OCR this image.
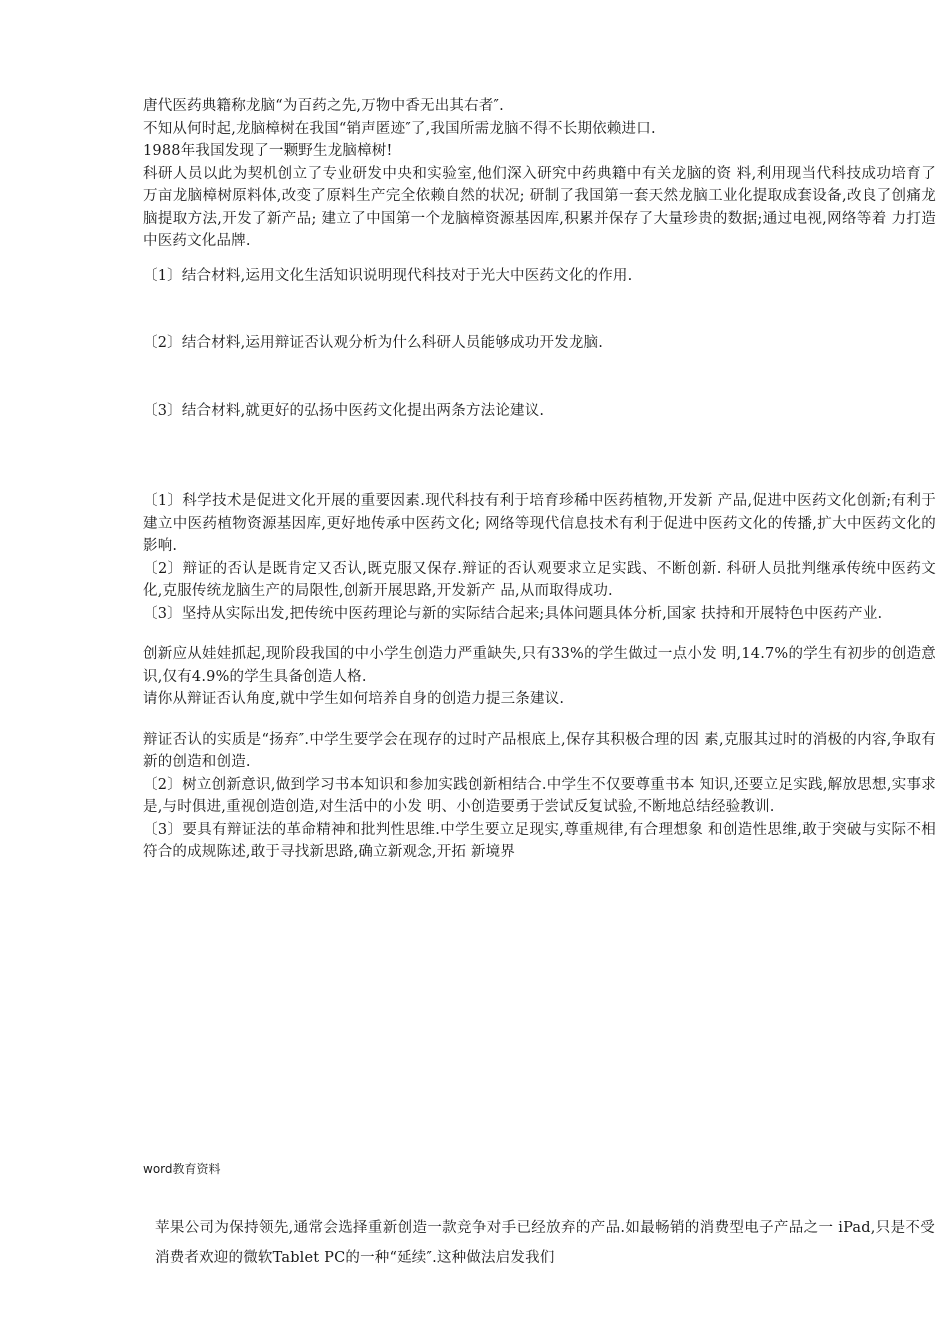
唐代医药典籍称龙脑“为百药之先,万物中香无出其右者″.

不知从何时起,龙脑樟树在我国“销声匿迹″了,我国所需龙脑不得不长期依赖进口.

1988年我国发现了一颗野生龙脑樟树!

科研人员以此为契机创立了专业研发中央和实验室,他们深入研究中药典籍中有关龙脑的资 料,利用现当代科技成功培育了万亩龙脑樟树原料体,改变了原料生产完全依赖自然的状况; 研制了我国第一套天然龙脑工业化提取成套设备,改良了创痛龙脑提取方法,开发了新产品; 建立了中国第一个龙脑樟资源基因库,积累并保存了大量珍贵的数据;通过电视,网络等着 力打造中医药文化品牌.

〔1〕结合材料,运用文化生活知识说明现代科技对于光大中医药文化的作用.

〔2〕结合材料,运用辩证否认观分析为什么科研人员能够成功开发龙脑.

〔3〕结合材料,就更好的弘扬中医药文化提出两条方法论建议.

〔1〕科学技术是促进文化开展的重要因素.现代科技有利于培育珍稀中医药植物,开发新 产品,促进中医药文化创新;有利于建立中医药植物资源基因库,更好地传承中医药文化; 网络等现代信息技术有利于促进中医药文化的传播,扩大中医药文化的影响.

〔2〕辩证的否认是既肯定又否认,既克服又保存.辩证的否认观要求立足实践、不断创新. 科研人员批判继承传统中医药文化,克服传统龙脑生产的局限性,创新开展思路,开发新产 品,从而取得成功.

〔3〕坚持从实际出发,把传统中医药理论与新的实际结合起来;具体问题具体分析,国家 扶持和开展特色中医药产业.

创新应从娃娃抓起,现阶段我国的中小学生创造力严重缺失,只有33%的学生做过一点小发 明,14.7%的学生有初步的创造意识,仅有4.9%的学生具备创造人格.

请你从辩证否认角度,就中学生如何培养自身的创造力提三条建议.

辩证否认的实质是“扬弃″.中学生要学会在现存的过时产品根底上,保存其积极合理的因 素,克服其过时的消极的内容,争取有新的创造和创造.

〔2〕树立创新意识,做到学习书本知识和参加实践创新相结合.中学生不仅要尊重书本 知识,还要立足实践,解放思想,实事求是,与时俱进,重视创造创造,对生活中的小发 明、小创造要勇于尝试反复试验,不断地总结经验教训.

〔3〕要具有辩证法的革命精神和批判性思维.中学生要立足现实,尊重规律,有合理想象 和创造性思维,敢于突破与实际不相符合的成规陈述,敢于寻找新思路,确立新观念,开拓 新境界

word教育资料

苹果公司为保持领先,通常会选择重新创造一款竞争对手已经放弃的产品.如最畅销的消费型电子产品之一 iPad,只是不受消费者欢迎的微软Tablet PC的一种“延续″.这种做法启发我们
